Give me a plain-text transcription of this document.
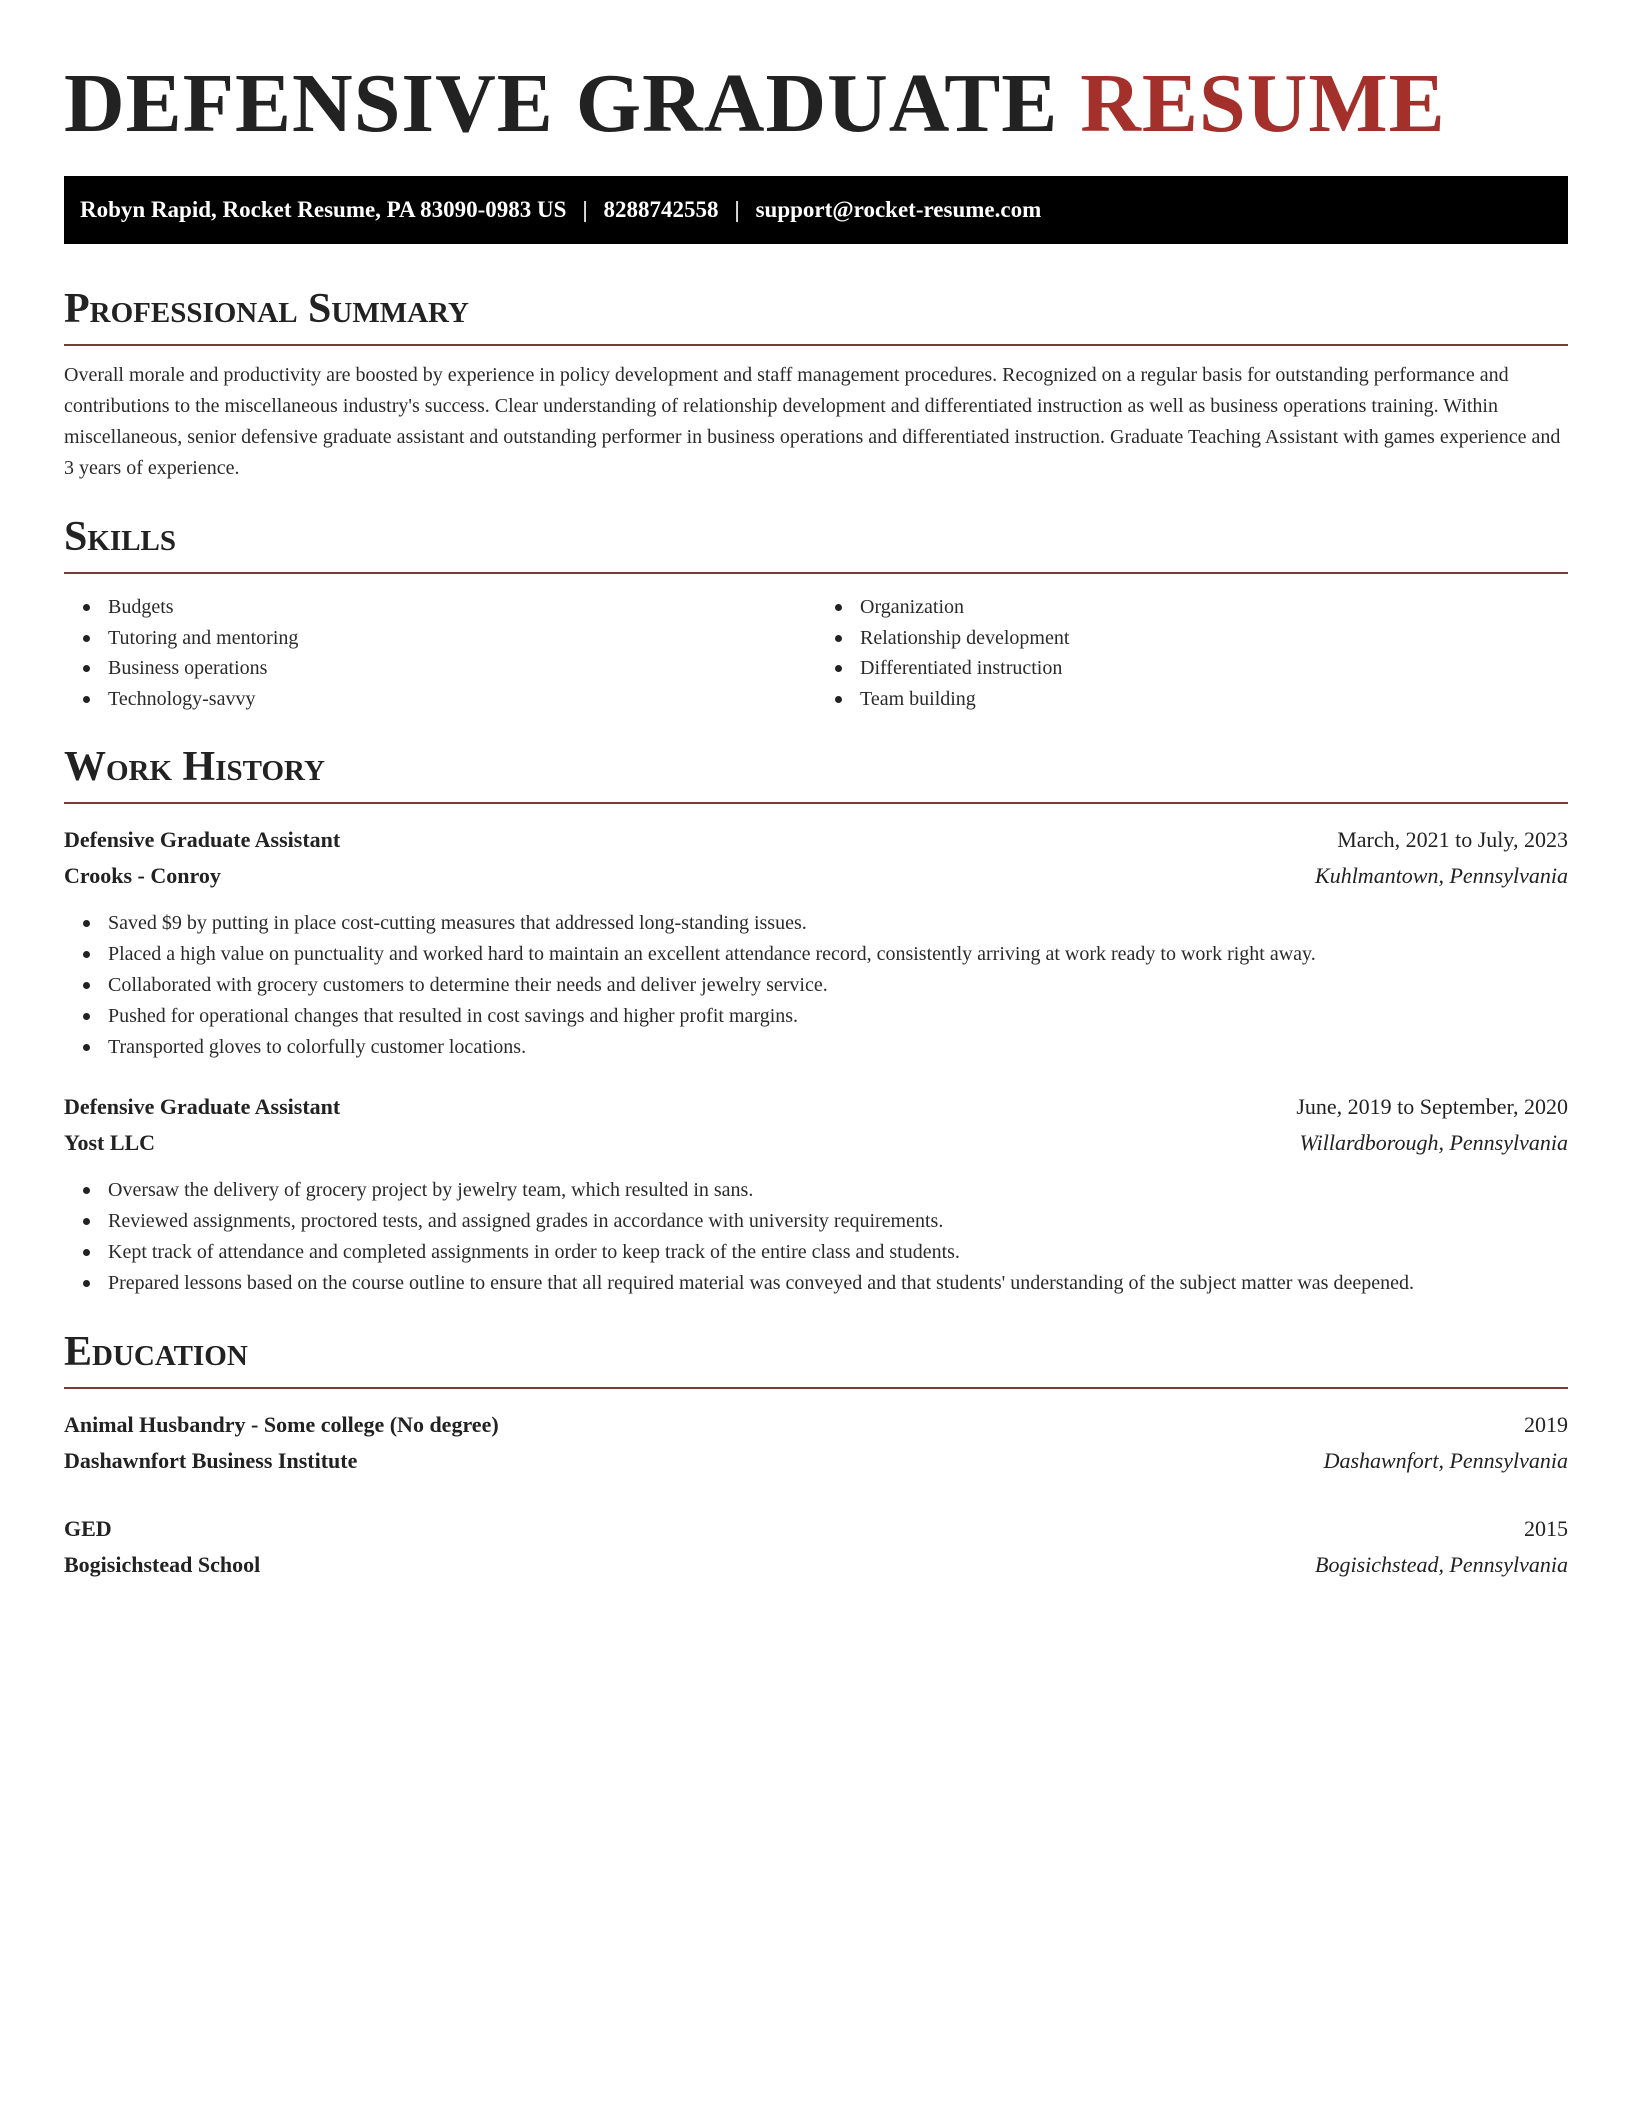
DEFENSIVE GRADUATE RESUME
Robyn Rapid, Rocket Resume, PA 83090-0983 US | 8288742558 | support@rocket-resume.com
Professional Summary

Overall morale and productivity are boosted by experience in policy development and staff management procedures. Recognized on a regular basis for outstanding performance and contributions to the miscellaneous industry's success. Clear understanding of relationship development and differentiated instruction as well as business operations training. Within miscellaneous, senior defensive graduate assistant and outstanding performer in business operations and differentiated instruction. Graduate Teaching Assistant with games experience and 3 years of experience.

Skills
Budgets
Tutoring and mentoring
Business operations
Technology-savvy
Organization
Relationship development
Differentiated instruction
Team building
Work History
Defensive Graduate Assistant	March, 2021 to July, 2023
Crooks - Conroy	Kuhlmantown, Pennsylvania
Saved $9 by putting in place cost-cutting measures that addressed long-standing issues.
Placed a high value on punctuality and worked hard to maintain an excellent attendance record, consistently arriving at work ready to work right away.
Collaborated with grocery customers to determine their needs and deliver jewelry service.
Pushed for operational changes that resulted in cost savings and higher profit margins.
Transported gloves to colorfully customer locations.
Defensive Graduate Assistant	June, 2019 to September, 2020
Yost LLC	Willardborough, Pennsylvania
Oversaw the delivery of grocery project by jewelry team, which resulted in sans.
Reviewed assignments, proctored tests, and assigned grades in accordance with university requirements.
Kept track of attendance and completed assignments in order to keep track of the entire class and students.
Prepared lessons based on the course outline to ensure that all required material was conveyed and that students' understanding of the subject matter was deepened.
Education
Animal Husbandry - Some college (No degree)	2019
Dashawnfort Business Institute	Dashawnfort, Pennsylvania
GED	2015
Bogisichstead School	Bogisichstead, Pennsylvania
